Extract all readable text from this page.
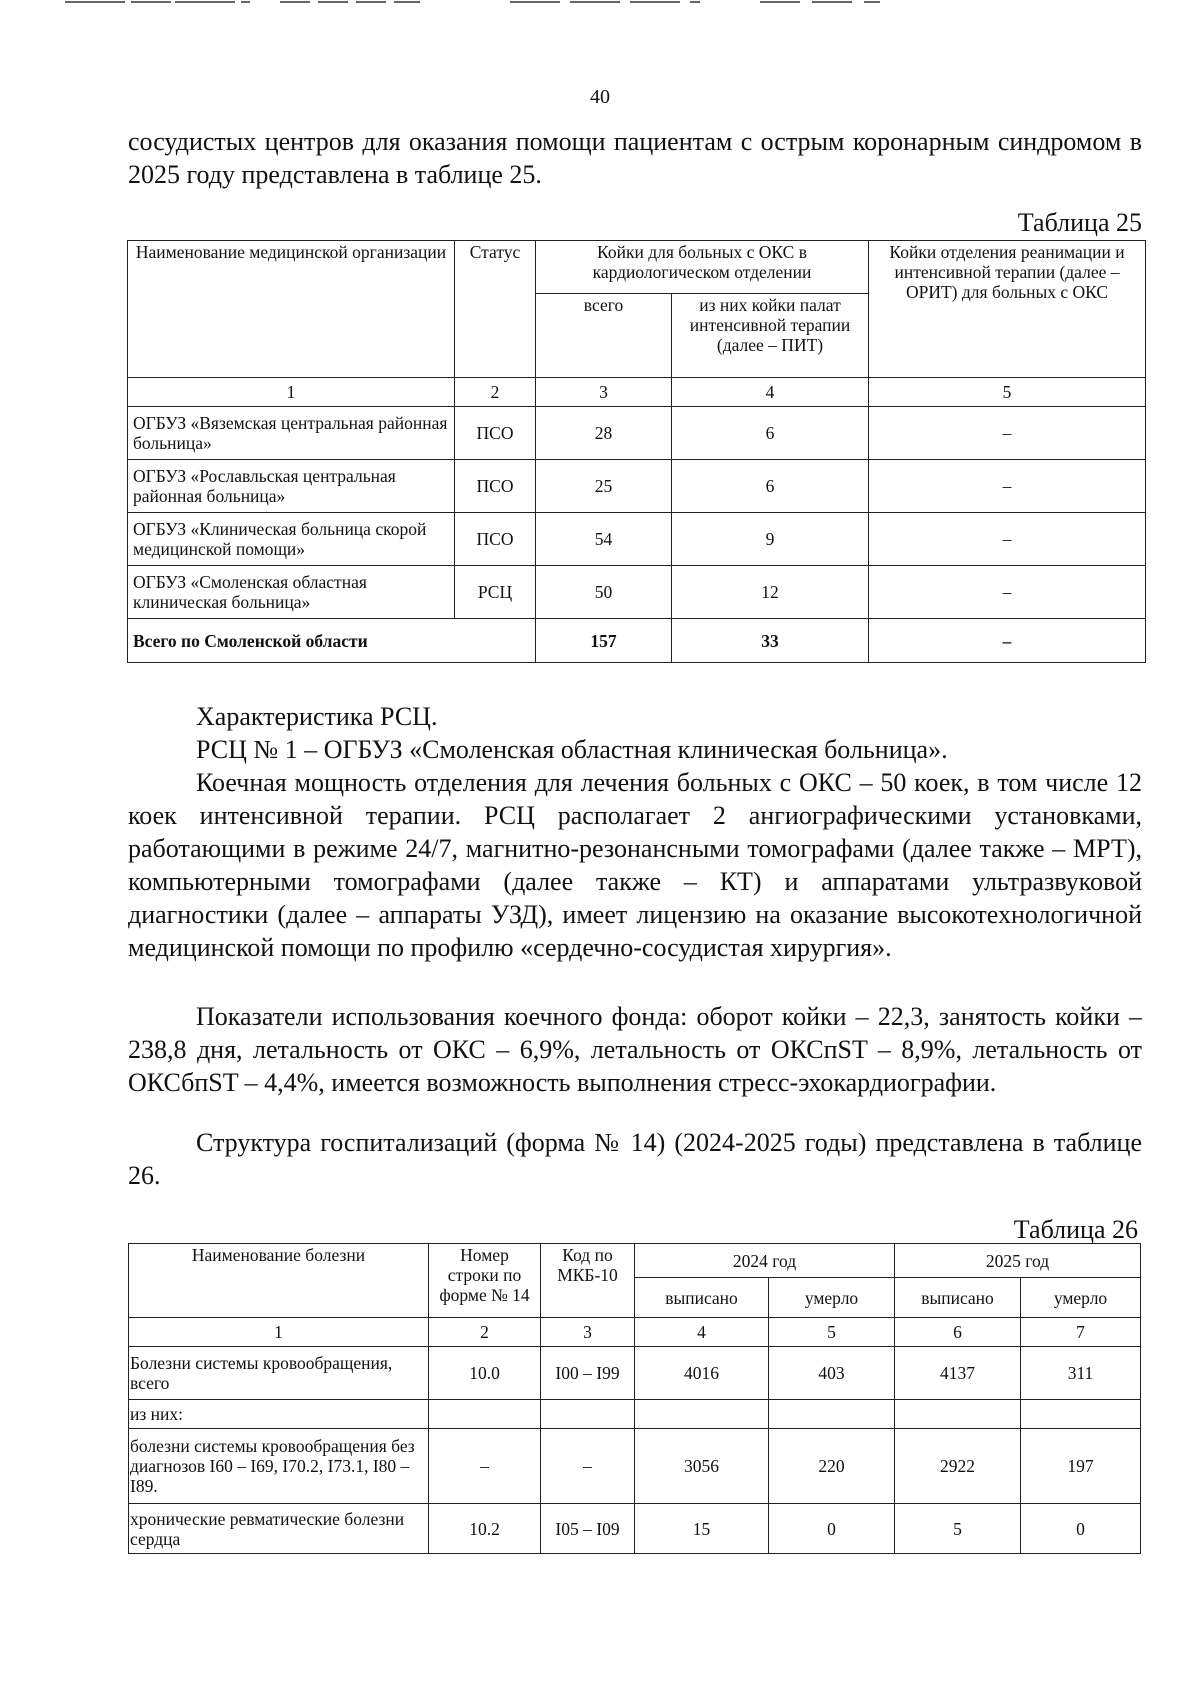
40

сосудистых центров для оказания помощи пациентам с острым коронарным синдромом в 2025 году представлена в таблице 25.

Таблица 25
Наименование медицинской организации	Статус	Койки для больных с ОКС в кардиологическом отделении		Койки отделения реанимации и интенсивной терапии (далее – ОРИТ) для больных с ОКС
		всего	из них койки палат интенсивной терапии (далее – ПИТ)	
1	2	3	4	5
ОГБУЗ «Вяземская центральная районная больница»	ПСО	28	6	–
ОГБУЗ «Рославльская центральная районная больница»	ПСО	25	6	–
ОГБУЗ «Клиническая больница скорой медицинской помощи»	ПСО	54	9	–
ОГБУЗ «Смоленская областная клиническая больница»	РСЦ	50	12	–
Всего по Смоленской области		157	33	–

Характеристика РСЦ.

РСЦ № 1 – ОГБУЗ «Смоленская областная клиническая больница».

Коечная мощность отделения для лечения больных с ОКС – 50 коек, в том числе 12 коек интенсивной терапии. РСЦ располагает 2 ангиографическими установками, работающими в режиме 24/7, магнитно-резонансными томографами (далее также – МРТ), компьютерными томографами (далее также – КТ) и аппаратами ультразвуковой диагностики (далее – аппараты УЗД), имеет лицензию на оказание высокотехнологичной медицинской помощи по профилю «сердечно-сосудистая хирургия».

Показатели использования коечного фонда: оборот койки – 22,3, занятость койки – 238,8 дня, летальность от ОКС – 6,9%, летальность от ОКСпST – 8,9%, летальность от ОКСбпST – 4,4%, имеется возможность выполнения стресс-эхокардиографии.

Структура госпитализаций (форма № 14) (2024-2025 годы) представлена в таблице 26.

Таблица 26
Наименование болезни	Номер строки по форме № 14	Код по МКБ-10	2024 год		2025 год	
			выписано	умерло	выписано	умерло
1	2	3	4	5	6	7
Болезни системы кровообращения, всего	10.0	I00 – I99	4016	403	4137	311
из них:						
болезни системы кровообращения без диагнозов I60 – I69, I70.2, I73.1, I80 – I89.	–	–	3056	220	2922	197
хронические ревматические болезни сердца	10.2	I05 – I09	15	0	5	0
